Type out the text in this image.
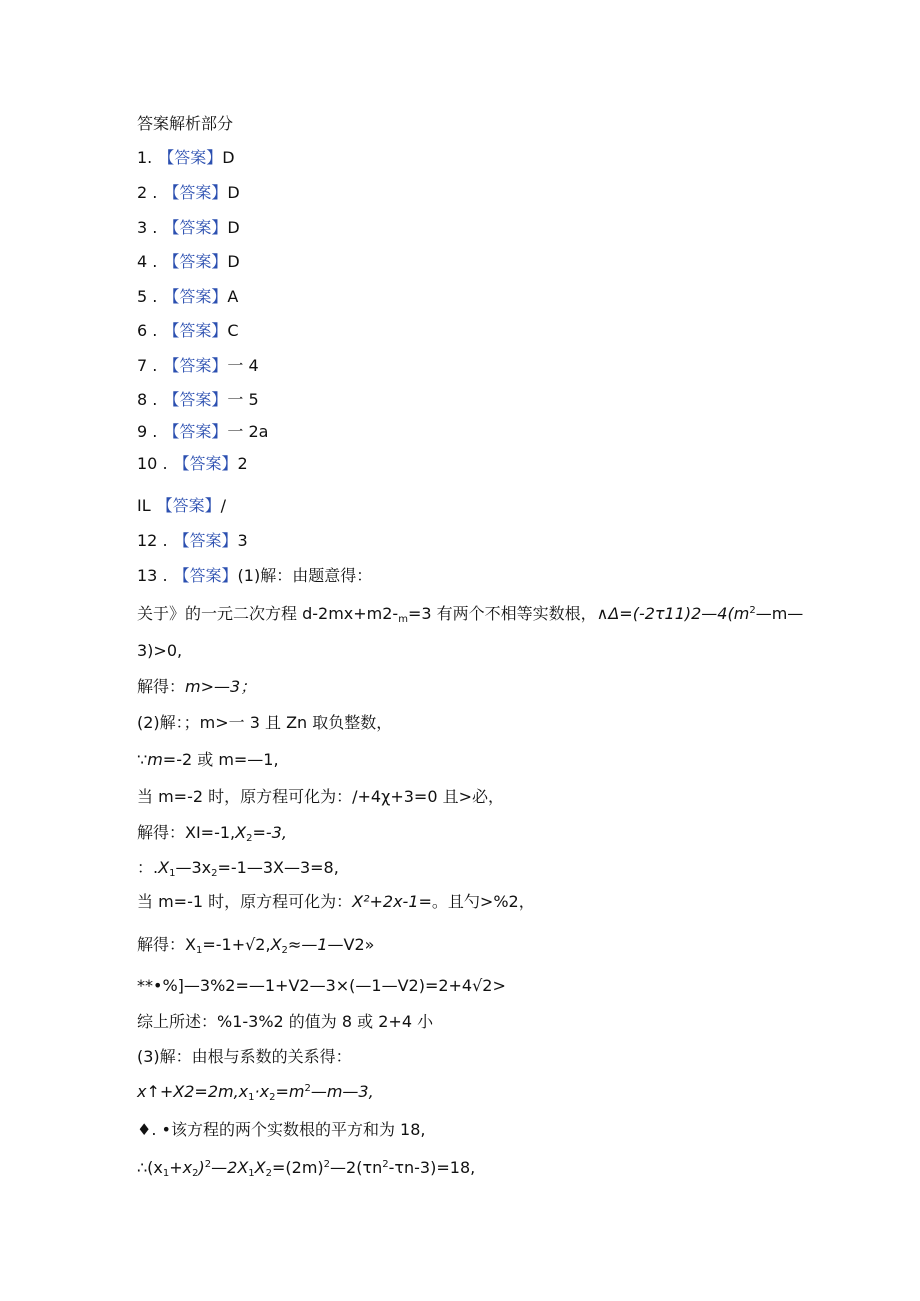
答案解析部分
1. 【答案】D
2 . 【答案】D
3 . 【答案】D
4 . 【答案】D
5 . 【答案】A
6 . 【答案】C
7 . 【答案】一 4
8 . 【答案】一 5
9 . 【答案】一 2a
10 . 【答案】2
IL 【答案】/
12 . 【答案】3
13 . 【答案】(1)解：由题意得：
关于》的一元二次方程 $d-2mx+m2-_m=3$ 有两个不相等实数根，$\wedge\Delta=(-2\tau 11)2—4(m^2—m—$
3)>0,
解得：m>—3；
(2)解：；m>一 3 且 Zn 取负整数，
∵m=-2 或 m=—1,
当 m=-2 时，原方程可化为：/+4χ+3=0 且>必，
解得：$XI=-1,X_2=-3$,
：$.X_1—3x_2=-1—3X—3=8$,
当 m=-1 时，原方程可化为：X²+2x-1=。且勺>%2，
解得：$X_1=-1+√2,X_2\approx—1—V2$»
**•%]—3%2=—1+V2—3×(—1—V2)=2+4√2>
综上所述：%1-3%2 的值为 8 或 2+4 小
(3)解：由根与系数的关系得：
$x↑+X2=2m,x_1\cdot x_2=m^2—m—3$,
♦. •该方程的两个实数根的平方和为 18,
$\therefore(x_1+x_2)^2—2X_1X_2=(2m)^2—2(\tau n^2-\tau n-3)=18$,
